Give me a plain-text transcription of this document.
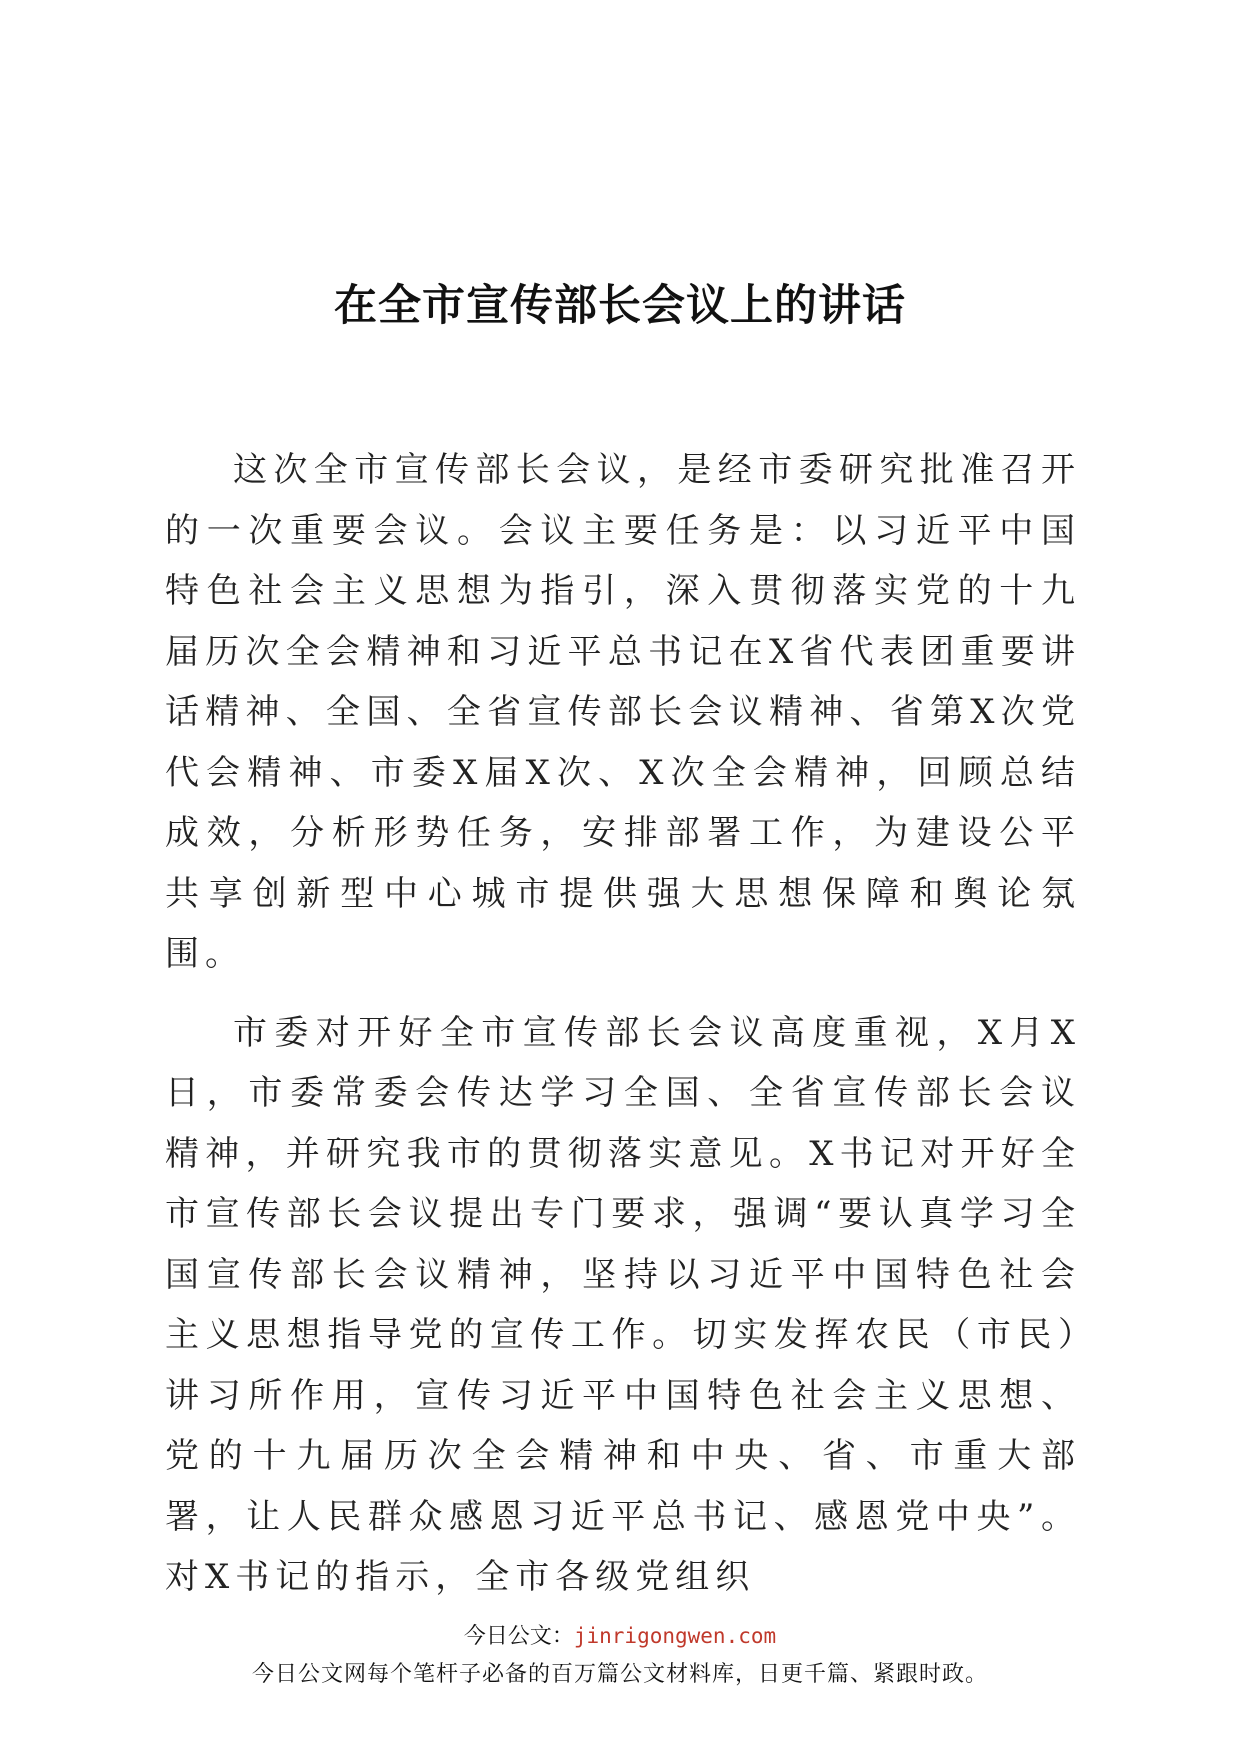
在全市宣传部长会议上的讲话

这次全市宣传部长会议，是经市委研究批准召开的一次重要会议。会议主要任务是：以习近平中国特色社会主义思想为指引，深入贯彻落实党的十九届历次全会精神和习近平总书记在X省代表团重要讲话精神、全国、全省宣传部长会议精神、省第X次党代会精神、市委X届X次、X次全会精神，回顾总结成效，分析形势任务，安排部署工作，为建设公平共享创新型中心城市提供强大思想保障和舆论氛围。

市委对开好全市宣传部长会议高度重视，X月X日，市委常委会传达学习全国、全省宣传部长会议精神，并研究我市的贯彻落实意见。X书记对开好全市宣传部长会议提出专门要求，强调“要认真学习全国宣传部长会议精神，坚持以习近平中国特色社会主义思想指导党的宣传工作。切实发挥农民（市民）讲习所作用，宣传习近平中国特色社会主义思想、党的十九届历次全会精神和中央、省、市重大部署，让人民群众感恩习近平总书记、感恩党中央”。对X书记的指示，全市各级党组织

今日公文：jinrigongwen.com
今日公文网每个笔杆子必备的百万篇公文材料库，日更千篇、紧跟时政。
